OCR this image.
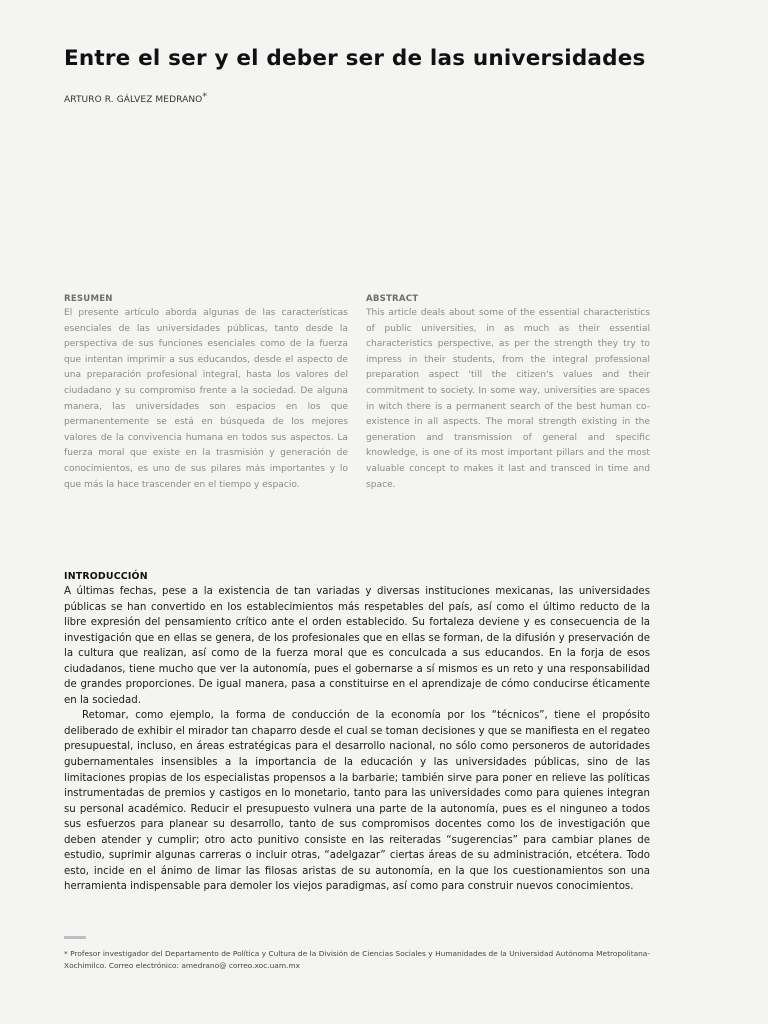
Entre el ser y el deber ser de las universidades
ARTURO R. GÁLVEZ MEDRANO*
RESUMEN

El presente artículo aborda algunas de las características esenciales de las universidades públicas, tanto desde la perspectiva de sus funciones esenciales como de la fuerza que intentan imprimir a sus educandos, desde el aspecto de una preparación profesional integral, hasta los valores del ciudadano y su compromiso frente a la sociedad. De alguna manera, las universidades son espacios en los que permanentemente se está en búsqueda de los mejores valores de la convivencia humana en todos sus aspectos. La fuerza moral que existe en la trasmisión y generación de conocimientos, es uno de sus pilares más importantes y lo que más la hace trascender en el tiempo y espacio.

ABSTRACT

This article deals about some of the essential characteristics of public universities, in as much as their essential characteristics perspective, as per the strength they try to impress in their students, from the integral professional preparation aspect 'till the citizen's values and their commitment to society. In some way, universities are spaces in witch there is a permanent search of the best human co-existence in all aspects. The moral strength existing in the generation and transmission of general and specific knowledge, is one of its most important pillars and the most valuable concept to makes it last and transced in time and space.

INTRODUCCIÓN

A últimas fechas, pese a la existencia de tan variadas y diversas instituciones mexicanas, las universidades públicas se han convertido en los establecimientos más respetables del país, así como el último reducto de la libre expresión del pensamiento crítico ante el orden establecido. Su fortaleza deviene y es consecuencia de la investigación que en ellas se genera, de los profesionales que en ellas se forman, de la difusión y preservación de la cultura que realizan, así como de la fuerza moral que es conculcada a sus educandos. En la forja de esos ciudadanos, tiene mucho que ver la autonomía, pues el gobernarse a sí mismos es un reto y una responsabilidad de grandes proporciones. De igual manera, pasa a constituirse en el aprendizaje de cómo conducirse éticamente en la sociedad.

Retomar, como ejemplo, la forma de conducción de la economía por los “técnicos”, tiene el propósito deliberado de exhibir el mirador tan chaparro desde el cual se toman decisiones y que se manifiesta en el regateo presupuestal, incluso, en áreas estratégicas para el desarrollo nacional, no sólo como personeros de autoridades gubernamentales insensibles a la importancia de la educación y las universidades públicas, sino de las limitaciones propias de los especialistas propensos a la barbarie; también sirve para poner en relieve las políticas instrumentadas de premios y castigos en lo monetario, tanto para las universidades como para quienes integran su personal académico. Reducir el presupuesto vulnera una parte de la autonomía, pues es el ninguneo a todos sus esfuerzos para planear su desarrollo, tanto de sus compromisos docentes como los de investigación que deben atender y cumplir; otro acto punitivo consiste en las reiteradas “sugerencias” para cambiar planes de estudio, suprimir algunas carreras o incluir otras, “adelgazar” ciertas áreas de su administración, etcétera. Todo esto, incide en el ánimo de limar las filosas aristas de su autonomía, en la que los cuestionamientos son una herramienta indispensable para demoler los viejos paradigmas, así como para construir nuevos conocimientos.

* Profesor investigador del Departamento de Política y Cultura de la División de Ciencias Sociales y Humanidades de la Universidad Autónoma Metropolitana-Xochimilco. Correo electrónico: amedrano@ correo.xoc.uam.mx
